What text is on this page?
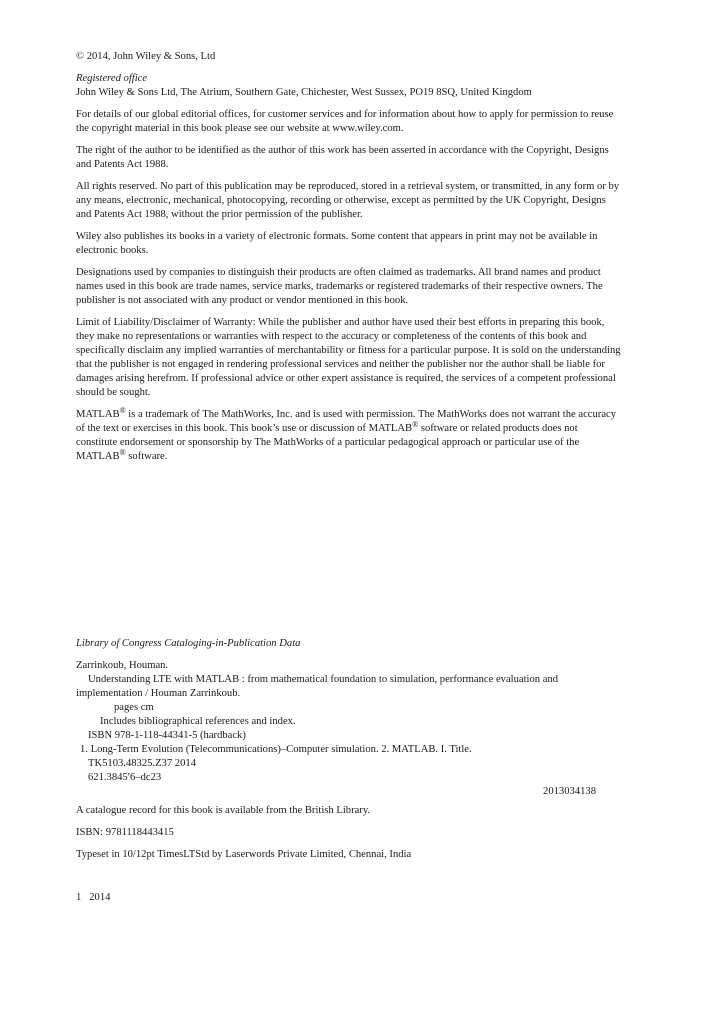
© 2014, John Wiley & Sons, Ltd

Registered office

John Wiley & Sons Ltd, The Atrium, Southern Gate, Chichester, West Sussex, PO19 8SQ, United Kingdom

For details of our global editorial offices, for customer services and for information about how to apply for permission to reuse the copyright material in this book please see our website at www.wiley.com.

The right of the author to be identified as the author of this work has been asserted in accordance with the Copyright, Designs and Patents Act 1988.

All rights reserved. No part of this publication may be reproduced, stored in a retrieval system, or transmitted, in any form or by any means, electronic, mechanical, photocopying, recording or otherwise, except as permitted by the UK Copyright, Designs and Patents Act 1988, without the prior permission of the publisher.

Wiley also publishes its books in a variety of electronic formats. Some content that appears in print may not be available in electronic books.

Designations used by companies to distinguish their products are often claimed as trademarks. All brand names and product names used in this book are trade names, service marks, trademarks or registered trademarks of their respective owners. The publisher is not associated with any product or vendor mentioned in this book.

Limit of Liability/Disclaimer of Warranty: While the publisher and author have used their best efforts in preparing this book, they make no representations or warranties with respect to the accuracy or completeness of the contents of this book and specifically disclaim any implied warranties of merchantability or fitness for a particular purpose. It is sold on the understanding that the publisher is not engaged in rendering professional services and neither the publisher nor the author shall be liable for damages arising herefrom. If professional advice or other expert assistance is required, the services of a competent professional should be sought.

MATLAB® is a trademark of The MathWorks, Inc. and is used with permission. The MathWorks does not warrant the accuracy of the text or exercises in this book. This book’s use or discussion of MATLAB® software or related products does not constitute endorsement or sponsorship by The MathWorks of a particular pedagogical approach or particular use of the MATLAB® software.

Library of Congress Cataloging-in-Publication Data

Zarrinkoub, Houman.

Understanding LTE with MATLAB : from mathematical foundation to simulation, performance evaluation and

implementation / Houman Zarrinkoub.

pages cm

Includes bibliographical references and index.

ISBN 978-1-118-44341-5 (hardback)

1. Long-Term Evolution (Telecommunications)–Computer simulation. 2. MATLAB. I. Title.

TK5103.48325.Z37 2014

621.3845′6–dc23

2013034138

A catalogue record for this book is available from the British Library.

ISBN: 9781118443415

Typeset in 10/12pt TimesLTStd by Laserwords Private Limited, Chennai, India

1   2014
